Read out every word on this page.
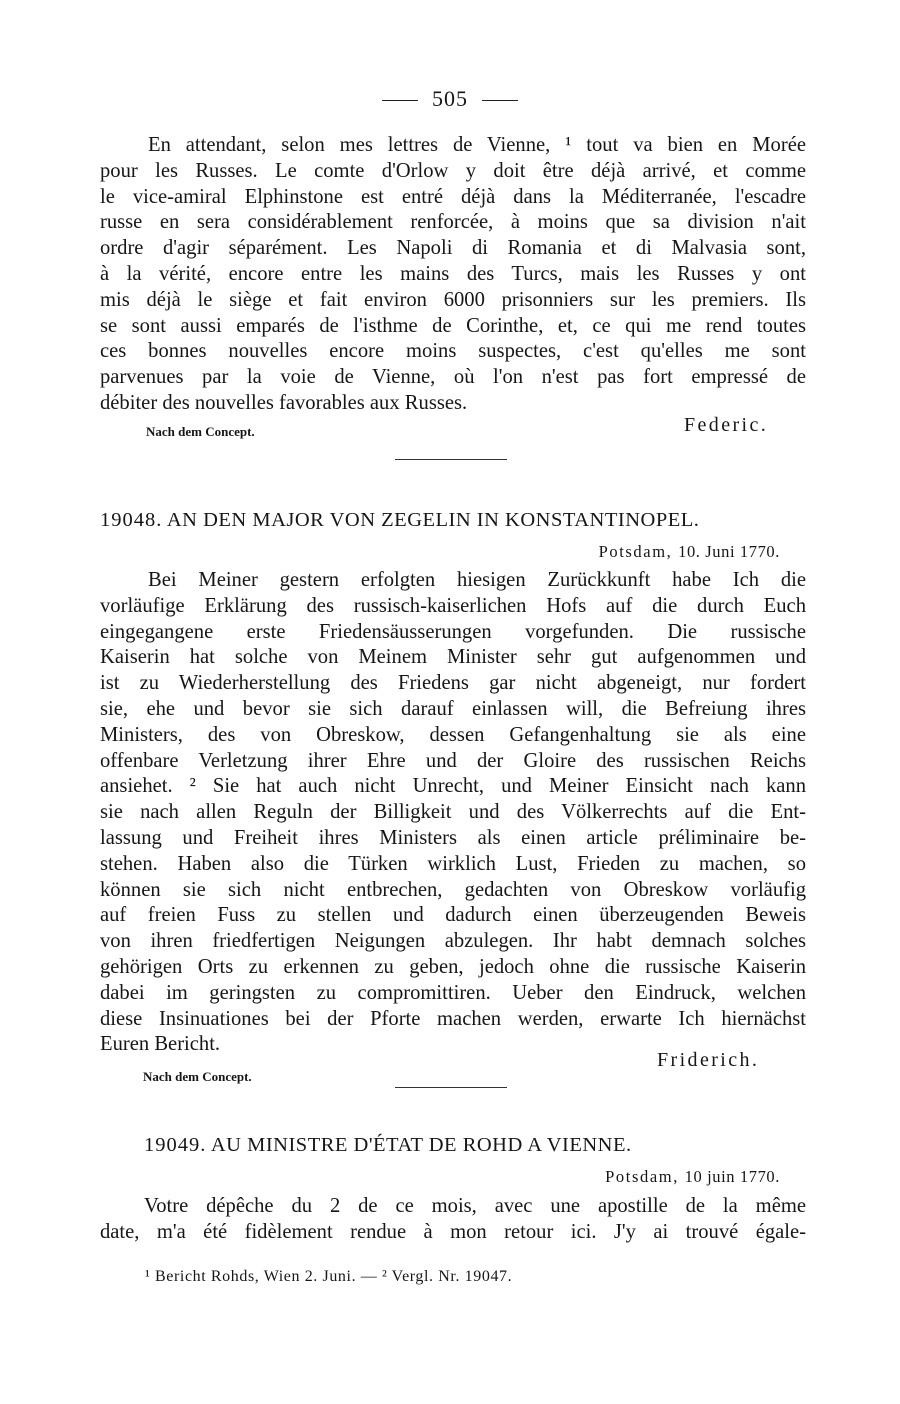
505
En attendant, selon mes lettres de Vienne, ¹ tout va bien en Morée
pour les Russes. Le comte d'Orlow y doit être déjà arrivé, et comme
le vice-amiral Elphinstone est entré déjà dans la Méditerranée, l'escadre
russe en sera considérablement renforcée, à moins que sa division n'ait
ordre d'agir séparément. Les Napoli di Romania et di Malvasia sont,
à la vérité, encore entre les mains des Turcs, mais les Russes y ont
mis déjà le siège et fait environ 6000 prisonniers sur les premiers. Ils
se sont aussi emparés de l'isthme de Corinthe, et, ce qui me rend toutes
ces bonnes nouvelles encore moins suspectes, c'est qu'elles me sont
parvenues par la voie de Vienne, où l'on n'est pas fort empressé de
débiter des nouvelles favorables aux Russes.
Nach dem Concept.	Federic.
19048. AN DEN MAJOR VON ZEGELIN IN KONSTANTINOPEL.
Potsdam, 10. Juni 1770.
Bei Meiner gestern erfolgten hiesigen Zurückkunft habe Ich die
vorläufige Erklärung des russisch-kaiserlichen Hofs auf die durch Euch
eingegangene erste Friedensäusserungen vorgefunden. Die russische
Kaiserin hat solche von Meinem Minister sehr gut aufgenommen und
ist zu Wiederherstellung des Friedens gar nicht abgeneigt, nur fordert
sie, ehe und bevor sie sich darauf einlassen will, die Befreiung ihres
Ministers, des von Obreskow, dessen Gefangenhaltung sie als eine
offenbare Verletzung ihrer Ehre und der Gloire des russischen Reichs
ansiehet. ² Sie hat auch nicht Unrecht, und Meiner Einsicht nach kann
sie nach allen Reguln der Billigkeit und des Völkerrechts auf die Ent-
lassung und Freiheit ihres Ministers als einen article préliminaire be-
stehen. Haben also die Türken wirklich Lust, Frieden zu machen, so
können sie sich nicht entbrechen, gedachten von Obreskow vorläufig
auf freien Fuss zu stellen und dadurch einen überzeugenden Beweis
von ihren friedfertigen Neigungen abzulegen. Ihr habt demnach solches
gehörigen Orts zu erkennen zu geben, jedoch ohne die russische Kaiserin
dabei im geringsten zu compromittiren. Ueber den Eindruck, welchen
diese Insinuationes bei der Pforte machen werden, erwarte Ich hiernächst
Euren Bericht.
Friderich.
Nach dem Concept.
19049. AU MINISTRE D'ÉTAT DE ROHD A VIENNE.
Potsdam, 10 juin 1770.
Votre dépêche du 2 de ce mois, avec une apostille de la même
date, m'a été fidèlement rendue à mon retour ici. J'y ai trouvé égale-
¹ Bericht Rohds, Wien 2. Juni. — ² Vergl. Nr. 19047.
